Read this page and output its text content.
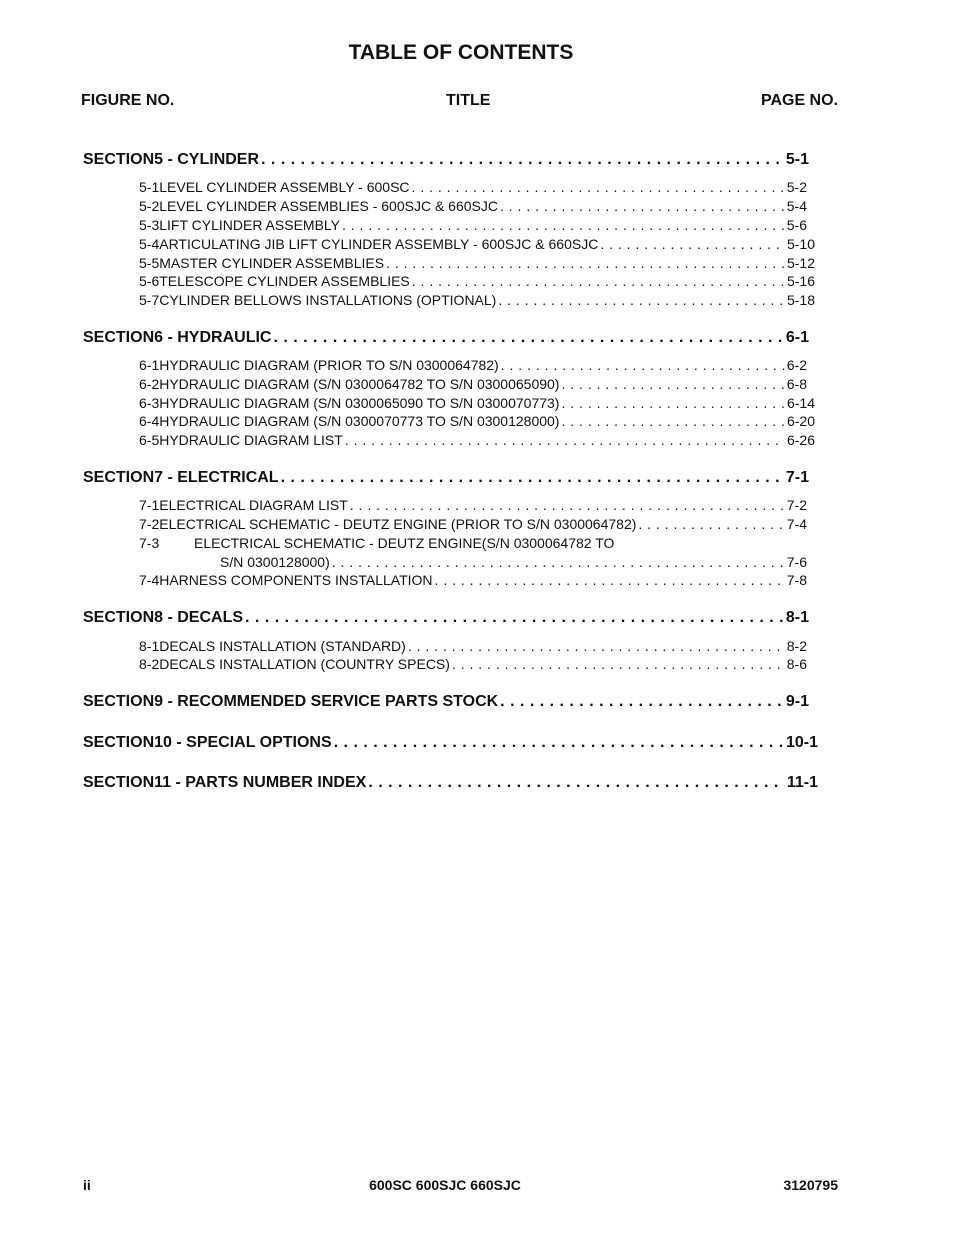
TABLE OF CONTENTS
FIGURE NO.	TITLE	PAGE NO.
SECTION 5 - CYLINDER . . .	5-1
5-1 LEVEL CYLINDER ASSEMBLY - 600SC . . .	5-2
5-2 LEVEL CYLINDER ASSEMBLIES - 600SJC & 660SJC . . .	5-4
5-3 LIFT CYLINDER ASSEMBLY . . .	5-6
5-4 ARTICULATING JIB LIFT CYLINDER ASSEMBLY - 600SJC & 660SJC . . .	5-10
5-5 MASTER CYLINDER ASSEMBLIES . . .	5-12
5-6 TELESCOPE CYLINDER ASSEMBLIES . . .	5-16
5-7 CYLINDER BELLOWS INSTALLATIONS (OPTIONAL) . . .	5-18
SECTION 6 - HYDRAULIC . . .	6-1
6-1 HYDRAULIC DIAGRAM (PRIOR TO S/N 0300064782) . . .	6-2
6-2 HYDRAULIC DIAGRAM (S/N 0300064782 TO S/N 0300065090) . . .	6-8
6-3 HYDRAULIC DIAGRAM (S/N 0300065090 TO S/N 0300070773) . . .	6-14
6-4 HYDRAULIC DIAGRAM (S/N 0300070773 TO S/N 0300128000) . . .	6-20
6-5 HYDRAULIC DIAGRAM LIST . . .	6-26
SECTION 7 - ELECTRICAL . . .	7-1
7-1 ELECTRICAL DIAGRAM LIST . . .	7-2
7-2 ELECTRICAL SCHEMATIC - DEUTZ ENGINE (PRIOR TO S/N 0300064782) . . .	7-4
7-3	ELECTRICAL SCHEMATIC - DEUTZ ENGINE(S/N 0300064782 TO
S/N 0300128000) . . .	7-6
7-4 HARNESS COMPONENTS INSTALLATION . . .	7-8
SECTION 8 - DECALS . . .	8-1
8-1 DECALS INSTALLATION (STANDARD) . . .	8-2
8-2 DECALS INSTALLATION (COUNTRY SPECS) . . .	8-6
SECTION 9 - RECOMMENDED SERVICE PARTS STOCK . . .	9-1
SECTION 10 - SPECIAL OPTIONS . . .	10-1
SECTION 11 - PARTS NUMBER INDEX . . .	11-1
ii	600SC 600SJC 660SJC	3120795
